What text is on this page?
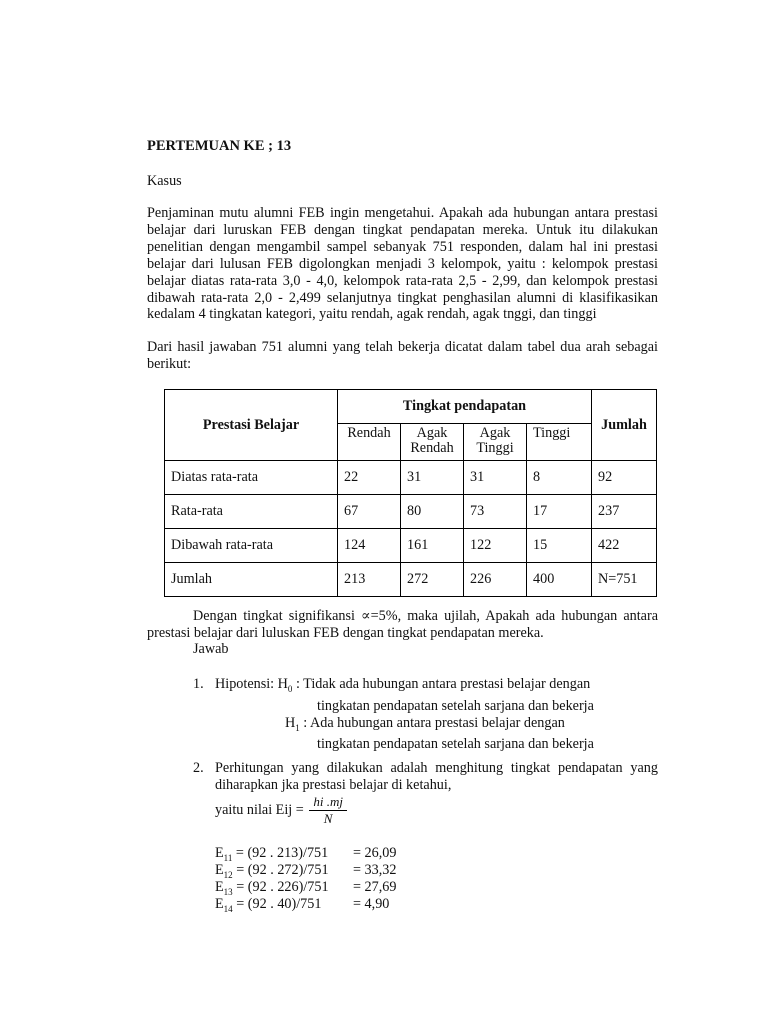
PERTEMUAN KE ; 13
Kasus

Penjaminan mutu alumni FEB ingin mengetahui. Apakah ada hubungan antara prestasi belajar dari luruskan FEB dengan tingkat pendapatan mereka. Untuk itu dilakukan penelitian dengan mengambil sampel sebanyak 751 responden, dalam hal ini prestasi belajar dari lulusan FEB digolongkan menjadi 3 kelompok, yaitu : kelompok prestasi belajar diatas rata-rata 3,0 - 4,0, kelompok rata-rata 2,5 - 2,99, dan kelompok prestasi dibawah rata-rata 2,0 - 2,499 selanjutnya tingkat penghasilan alumni di klasifikasikan kedalam 4 tingkatan kategori, yaitu rendah, agak rendah, agak tnggi, dan tinggi

Dari hasil jawaban 751 alumni yang telah bekerja dicatat dalam tabel dua arah sebagai berikut:

Prestasi Belajar	Tingkat pendapatan				Jumlah
	Rendah	Agak Rendah	Agak Tinggi	Tinggi	
Diatas rata-rata	22	31	31	8	92
Rata-rata	67	80	73	17	237
Dibawah rata-rata	124	161	122	15	422
Jumlah	213	272	226	400	N=751

Dengan tingkat signifikansi ∝=5%, maka ujilah, Apakah ada hubungan antara prestasi belajar dari luluskan FEB dengan tingkat pendapatan mereka.

Jawab
1. Hipotensi: $H_0$ : Tidak ada hubungan antara prestasi belajar dengan
tingkatan pendapatan setelah sarjana dan bekerja
$H_1$ : Ada hubungan antara prestasi belajar dengan
tingkatan pendapatan setelah sarjana dan bekerja
2. Perhitungan yang dilakukan adalah menghitung tingkat pendapatan yang diharapkan jka prestasi belajar di ketahui,
yaitu nilai Eij = $\frac{hi .mj}{N}$
$E_{11} = (92$ . 213)/751 = 26,09
$E_{12} = (92$ . 272)/751 = 33,32
$E_{13} = (92$ . 226)/751 = 27,69
$E_{14} = (92$ . 40)/751 = 4,90
